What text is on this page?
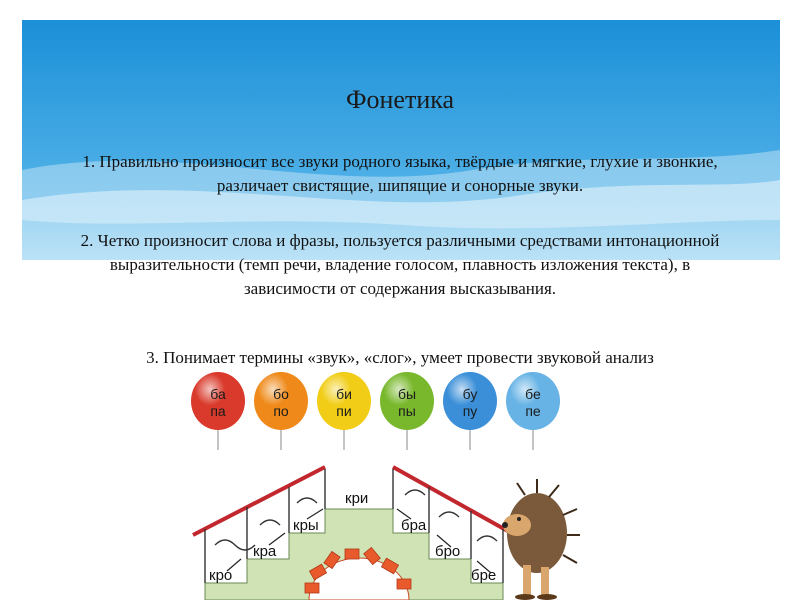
Фонетика
1. Правильно произносит все звуки родного языка, твёрдые и мягкие, глухие и звонкие, различает свистящие, шипящие и сонорные звуки.
2. Четко произносит слова и фразы, пользуется различными средствами интонационной выразительности (темп речи, владение голосом, плавность изложения текста), в зависимости от содержания высказывания.
3. Понимает термины «звук», «слог», умеет провести звуковой анализ
ба
па
бо
по
би
пи
бы
пы
бу
пу
бе
пе
кро
кра
кры
кри
бра
бро
бре
